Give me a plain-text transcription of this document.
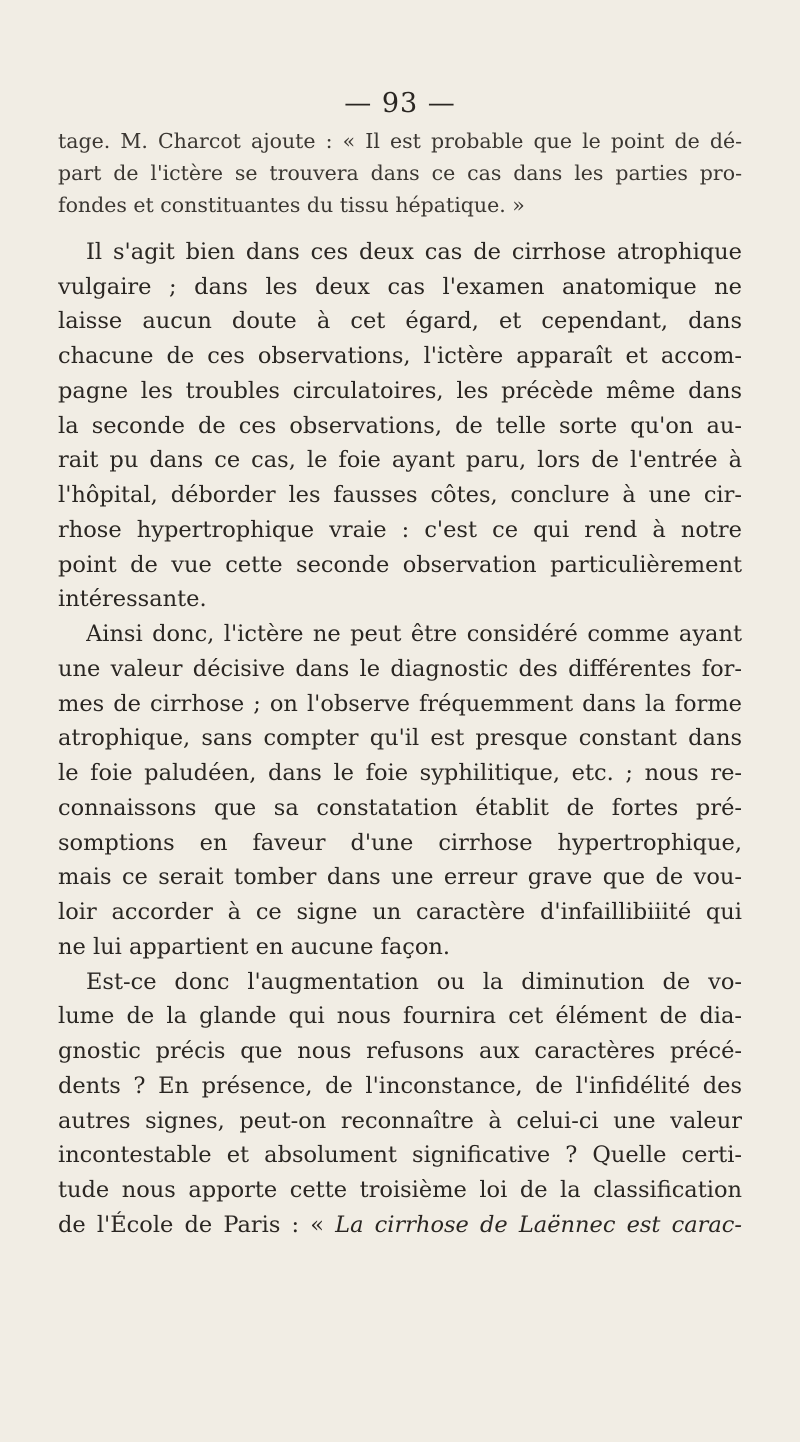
— 93 —
tage. M. Charcot ajoute : « Il est probable que le point de dé-
part de l'ictère se trouvera dans ce cas dans les parties pro-
fondes et constituantes du tissu hépatique. »
Il s'agit bien dans ces deux cas de cirrhose atrophique
vulgaire ; dans les deux cas l'examen anatomique ne
laisse aucun doute à cet égard, et cependant, dans
chacune de ces observations, l'ictère apparaît et accom-
pagne les troubles circulatoires, les précède même dans
la seconde de ces observations, de telle sorte qu'on au-
rait pu dans ce cas, le foie ayant paru, lors de l'entrée à
l'hôpital, déborder les fausses côtes, conclure à une cir-
rhose hypertrophique vraie : c'est ce qui rend à notre
point de vue cette seconde observation particulièrement
intéressante.
Ainsi donc, l'ictère ne peut être considéré comme ayant
une valeur décisive dans le diagnostic des différentes for-
mes de cirrhose ; on l'observe fréquemment dans la forme
atrophique, sans compter qu'il est presque constant dans
le foie paludéen, dans le foie syphilitique, etc. ; nous re-
connaissons que sa constatation établit de fortes pré-
somptions en faveur d'une cirrhose hypertrophique,
mais ce serait tomber dans une erreur grave que de vou-
loir accorder à ce signe un caractère d'infaillibiiité qui
ne lui appartient en aucune façon.
Est-ce donc l'augmentation ou la diminution de vo-
lume de la glande qui nous fournira cet élément de dia-
gnostic précis que nous refusons aux caractères précé-
dents ? En présence, de l'inconstance, de l'infidélité des
autres signes, peut-on reconnaître à celui-ci une valeur
incontestable et absolument significative ? Quelle certi-
tude nous apporte cette troisième loi de la classification
de l'École de Paris : « La cirrhose de Laënnec est carac-
